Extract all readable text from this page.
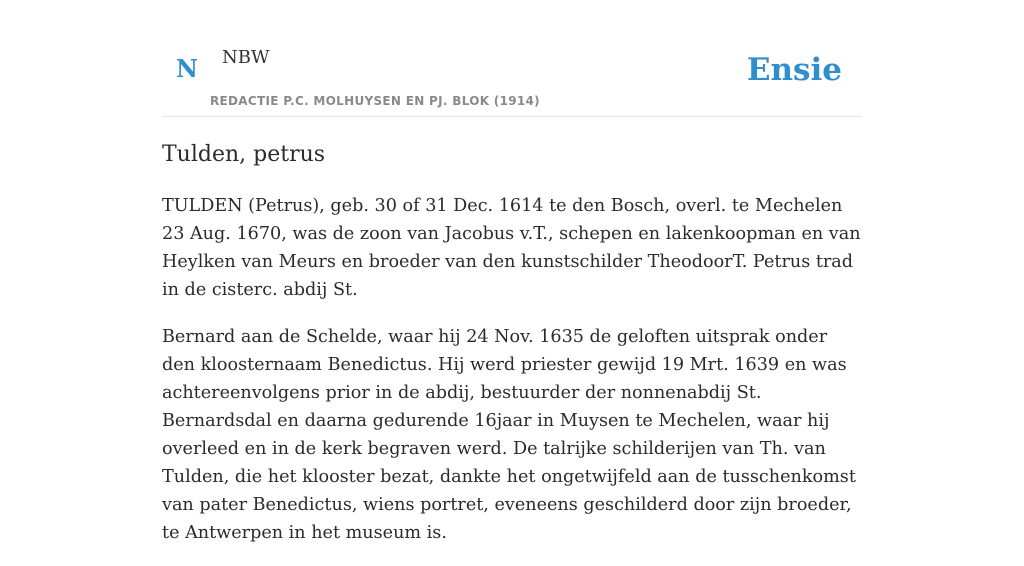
N NBW
REDACTIE P.C. MOLHUYSEN EN PJ. BLOK (1914)
Ensie
Tulden, petrus

TULDEN (Petrus), geb. 30 of 31 Dec. 1614 te den Bosch, overl. te Mechelen 23 Aug. 1670, was de zoon van Jacobus v.T., schepen en lakenkoopman en van Heylken van Meurs en broeder van den kunstschilder TheodoorT. Petrus trad in de cisterc. abdij St.

Bernard aan de Schelde, waar hij 24 Nov. 1635 de geloften uitsprak onder den kloosternaam Benedictus. Hij werd priester gewijd 19 Mrt. 1639 en was achtereenvolgens prior in de abdij, bestuurder der nonnenabdij St. Bernardsdal en daarna gedurende 16jaar in Muysen te Mechelen, waar hij overleed en in de kerk begraven werd. De talrijke schilderijen van Th. van Tulden, die het klooster bezat, dankte het ongetwijfeld aan de tusschenkomst van pater Benedictus, wiens portret, eveneens geschilderd door zijn broeder, te Antwerpen in het museum is.
